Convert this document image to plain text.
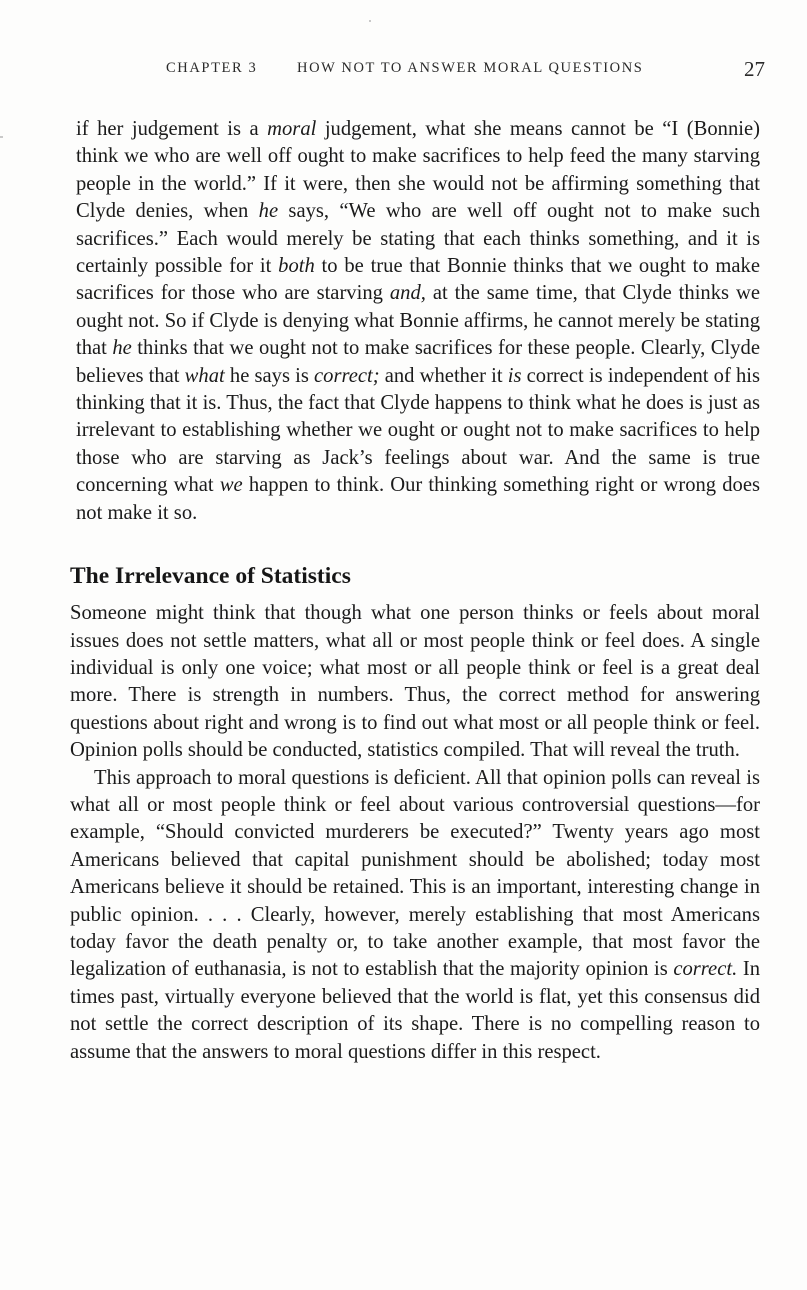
CHAPTER 3	HOW NOT TO ANSWER MORAL QUESTIONS	27

if her judgement is a moral judgement, what she means cannot be “I (Bonnie) think we who are well off ought to make sacrifices to help feed the many starving people in the world.” If it were, then she would not be affirming something that Clyde denies, when he says, “We who are well off ought not to make such sacrifices.” Each would merely be stating that each thinks something, and it is certainly possible for it both to be true that Bonnie thinks that we ought to make sacrifices for those who are starving and, at the same time, that Clyde thinks we ought not. So if Clyde is denying what Bonnie affirms, he cannot merely be stating that he thinks that we ought not to make sacrifices for these people. Clearly, Clyde believes that what he says is correct; and whether it is correct is independent of his thinking that it is. Thus, the fact that Clyde happens to think what he does is just as irrelevant to establishing whether we ought or ought not to make sacrifices to help those who are starving as Jack’s feelings about war. And the same is true concerning what we happen to think. Our thinking something right or wrong does not make it so.

The Irrelevance of Statistics

Someone might think that though what one person thinks or feels about moral issues does not settle matters, what all or most people think or feel does. A single individual is only one voice; what most or all people think or feel is a great deal more. There is strength in numbers. Thus, the correct method for answering questions about right and wrong is to find out what most or all people think or feel. Opinion polls should be conducted, statistics compiled. That will reveal the truth.

This approach to moral questions is deficient. All that opinion polls can reveal is what all or most people think or feel about various controversial questions—for example, “Should convicted murderers be executed?” Twenty years ago most Americans believed that capital punishment should be abolished; today most Americans believe it should be retained. This is an important, interesting change in public opinion. . . . Clearly, however, merely establishing that most Americans today favor the death penalty or, to take another example, that most favor the legalization of euthanasia, is not to establish that the majority opinion is correct. In times past, virtually everyone believed that the world is flat, yet this consensus did not settle the correct description of its shape. There is no compelling reason to assume that the answers to moral questions differ in this respect.
